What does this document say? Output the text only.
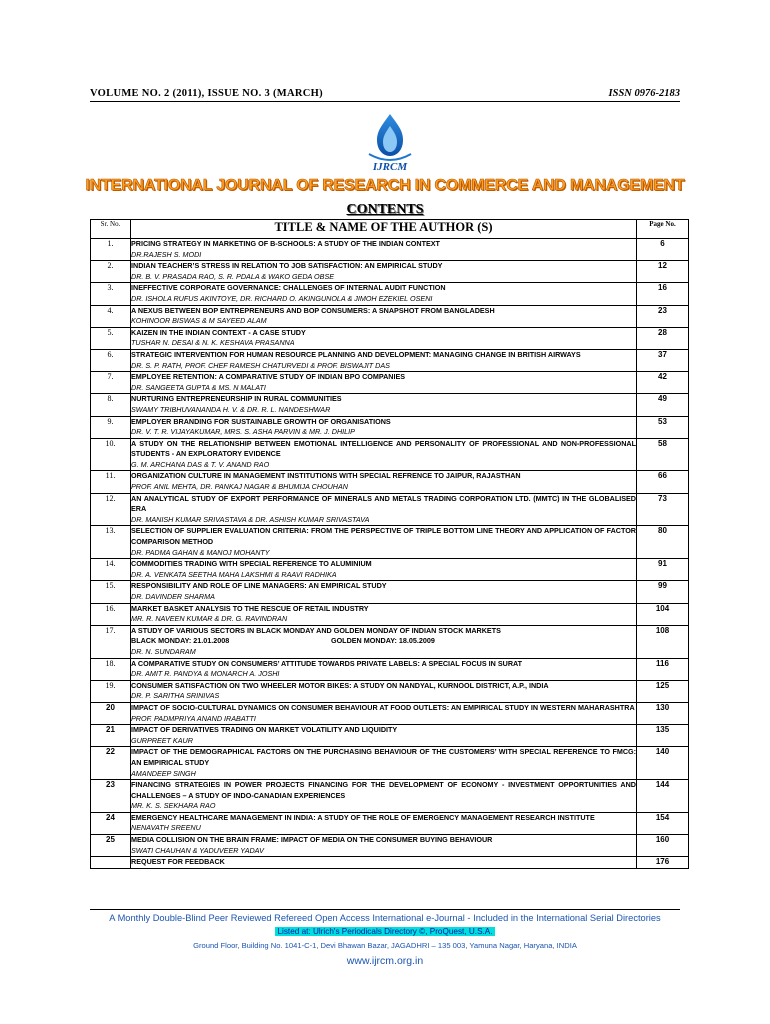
VOLUME NO. 2 (2011), ISSUE NO. 3 (MARCH)	ISSN 0976-2183
IJRCM
INTERNATIONAL JOURNAL OF RESEARCH IN COMMERCE AND MANAGEMENT
CONTENTS
Sr. No.	TITLE & NAME OF THE AUTHOR (S)	Page No.
1.	PRICING STRATEGY IN MARKETING OF B-SCHOOLS: A STUDY OF THE INDIAN CONTEXT
DR.RAJESH S. MODI	6
2.	INDIAN TEACHER’S STRESS IN RELATION TO JOB SATISFACTION: AN EMPIRICAL STUDY
DR. B. V. PRASADA RAO, S. R. PDALA & WAKO GEDA OBSE	12
3.	INEFFECTIVE CORPORATE GOVERNANCE: CHALLENGES OF INTERNAL AUDIT FUNCTION
DR. ISHOLA RUFUS AKINTOYE, DR. RICHARD O. AKINGUNOLA & JIMOH EZEKIEL OSENI	16
4.	A NEXUS BETWEEN BOP ENTREPRENEURS AND BOP CONSUMERS: A SNAPSHOT FROM BANGLADESH
KOHINOOR BISWAS & M SAYEED ALAM	23
5.	KAIZEN IN THE INDIAN CONTEXT - A CASE STUDY
TUSHAR N. DESAI & N. K. KESHAVA PRASANNA	28
6.	STRATEGIC INTERVENTION FOR HUMAN RESOURCE PLANNING AND DEVELOPMENT: MANAGING CHANGE IN BRITISH AIRWAYS
DR. S. P. RATH, PROF. CHEF RAMESH CHATURVEDI & PROF. BISWAJIT DAS	37
7.	EMPLOYEE RETENTION: A COMPARATIVE STUDY OF INDIAN BPO COMPANIES
DR. SANGEETA GUPTA & MS. N MALATI	42
8.	NURTURING ENTREPRENEURSHIP IN RURAL COMMUNITIES
SWAMY TRIBHUVANANDA H. V. & DR. R. L. NANDESHWAR	49
9.	EMPLOYER BRANDING FOR SUSTAINABLE GROWTH OF ORGANISATIONS
DR. V. T. R. VIJAYAKUMAR, MRS. S. ASHA PARVIN & MR. J. DHILIP	53
10.	A STUDY ON THE RELATIONSHIP BETWEEN EMOTIONAL INTELLIGENCE AND PERSONALITY OF PROFESSIONAL AND NON-PROFESSIONAL STUDENTS - AN EXPLORATORY EVIDENCE
G. M. ARCHANA DAS & T. V. ANAND RAO	58
11.	ORGANIZATION CULTURE IN MANAGEMENT INSTITUTIONS WITH SPECIAL REFRENCE TO JAIPUR, RAJASTHAN
PROF. ANIL MEHTA, DR. PANKAJ NAGAR & BHUMIJA CHOUHAN	66
12.	AN ANALYTICAL STUDY OF EXPORT PERFORMANCE OF MINERALS AND METALS TRADING CORPORATION LTD. (MMTC) IN THE GLOBALISED ERA
DR. MANISH KUMAR SRIVASTAVA & DR. ASHISH KUMAR SRIVASTAVA	73
13.	SELECTION OF SUPPLIER EVALUATION CRITERIA: FROM THE PERSPECTIVE OF TRIPLE BOTTOM LINE THEORY AND APPLICATION OF FACTOR COMPARISON METHOD
DR. PADMA GAHAN & MANOJ MOHANTY	80
14.	COMMODITIES TRADING WITH SPECIAL REFERENCE TO ALUMINIUM
DR. A. VENKATA SEETHA MAHA LAKSHMI & RAAVI RADHIKA	91
15.	RESPONSIBILITY AND ROLE OF LINE MANAGERS: AN EMPIRICAL STUDY
DR. DAVINDER SHARMA	99
16.	MARKET BASKET ANALYSIS TO THE RESCUE OF RETAIL INDUSTRY
MR. R. NAVEEN KUMAR & DR. G. RAVINDRAN	104
17.	A STUDY OF VARIOUS SECTORS IN BLACK MONDAY AND GOLDEN MONDAY OF INDIAN STOCK MARKETS
BLACK MONDAY: 21.01.2008 GOLDEN MONDAY: 18.05.2009
DR. N. SUNDARAM	108
18.	A COMPARATIVE STUDY ON CONSUMERS’ ATTITUDE TOWARDS PRIVATE LABELS: A SPECIAL FOCUS IN SURAT
DR. AMIT R. PANDYA & MONARCH A. JOSHI	116
19.	CONSUMER SATISFACTION ON TWO WHEELER MOTOR BIKES: A STUDY ON NANDYAL, KURNOOL DISTRICT, A.P., INDIA
DR. P. SARITHA SRINIVAS	125
20	IMPACT OF SOCIO-CULTURAL DYNAMICS ON CONSUMER BEHAVIOUR AT FOOD OUTLETS: AN EMPIRICAL STUDY IN WESTERN MAHARASHTRA
PROF. PADMPRIYA ANAND IRABATTI	130
21	IMPACT OF DERIVATIVES TRADING ON MARKET VOLATILITY AND LIQUIDITY
GURPREET KAUR	135
22	IMPACT OF THE DEMOGRAPHICAL FACTORS ON THE PURCHASING BEHAVIOUR OF THE CUSTOMERS’ WITH SPECIAL REFERENCE TO FMCG: AN EMPIRICAL STUDY
AMANDEEP SINGH	140
23	FINANCING STRATEGIES IN POWER PROJECTS FINANCING FOR THE DEVELOPMENT OF ECONOMY - INVESTMENT OPPORTUNITIES AND CHALLENGES – A STUDY OF INDO-CANADIAN EXPERIENCES
MR. K. S. SEKHARA RAO	144
24	EMERGENCY HEALTHCARE MANAGEMENT IN INDIA: A STUDY OF THE ROLE OF EMERGENCY MANAGEMENT RESEARCH INSTITUTE
NENAVATH SREENU	154
25	MEDIA COLLISION ON THE BRAIN FRAME: IMPACT OF MEDIA ON THE CONSUMER BUYING BEHAVIOUR
SWATI CHAUHAN & YADUVEER YADAV	160

	REQUEST FOR FEEDBACK	176
A Monthly Double-Blind Peer Reviewed Refereed Open Access International e-Journal - Included in the International Serial Directories
Listed at: Ulrich's Periodicals Directory ©, ProQuest, U.S.A.
Ground Floor, Building No. 1041-C-1, Devi Bhawan Bazar, JAGADHRI – 135 003, Yamuna Nagar, Haryana, INDIA
www.ijrcm.org.in
